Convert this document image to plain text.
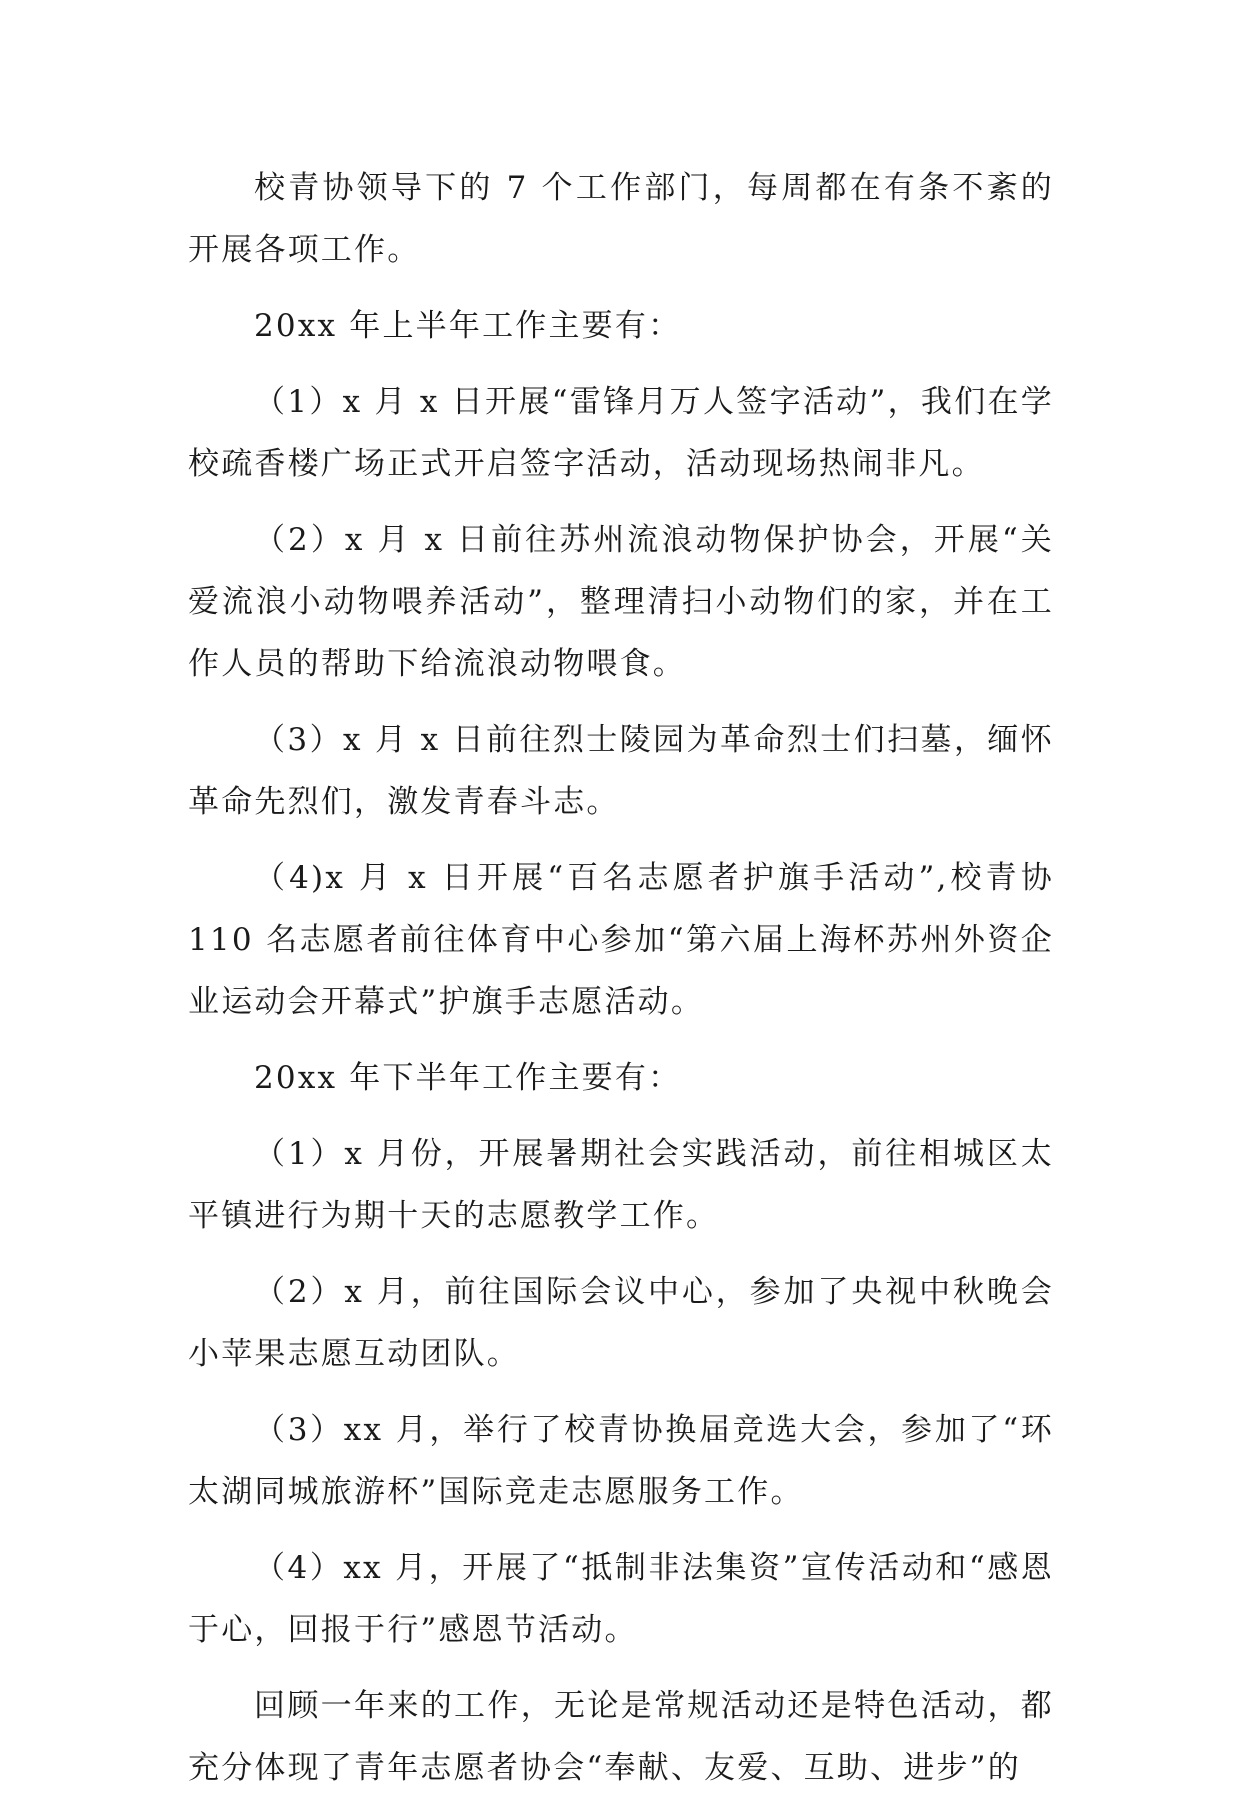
校青协领导下的 7 个工作部门，每周都在有条不紊的开展各项工作。

20xx 年上半年工作主要有：

（1）x 月 x 日开展“雷锋月万人签字活动”，我们在学校疏香楼广场正式开启签字活动，活动现场热闹非凡。

（2）x 月 x 日前往苏州流浪动物保护协会，开展“关爱流浪小动物喂养活动”，整理清扫小动物们的家，并在工作人员的帮助下给流浪动物喂食。

（3）x 月 x 日前往烈士陵园为革命烈士们扫墓，缅怀革命先烈们，激发青春斗志。

（4)x 月 x 日开展“百名志愿者护旗手活动”,校青协 110 名志愿者前往体育中心参加“第六届上海杯苏州外资企业运动会开幕式”护旗手志愿活动。

20xx 年下半年工作主要有：

（1）x 月份，开展暑期社会实践活动，前往相城区太平镇进行为期十天的志愿教学工作。

（2）x 月，前往国际会议中心，参加了央视中秋晚会小苹果志愿互动团队。

（3）xx 月，举行了校青协换届竞选大会，参加了“环太湖同城旅游杯”国际竞走志愿服务工作。

（4）xx 月，开展了“抵制非法集资”宣传活动和“感恩于心，回报于行”感恩节活动。

回顾一年来的工作，无论是常规活动还是特色活动，都充分体现了青年志愿者协会“奉献、友爱、互助、进步”的
